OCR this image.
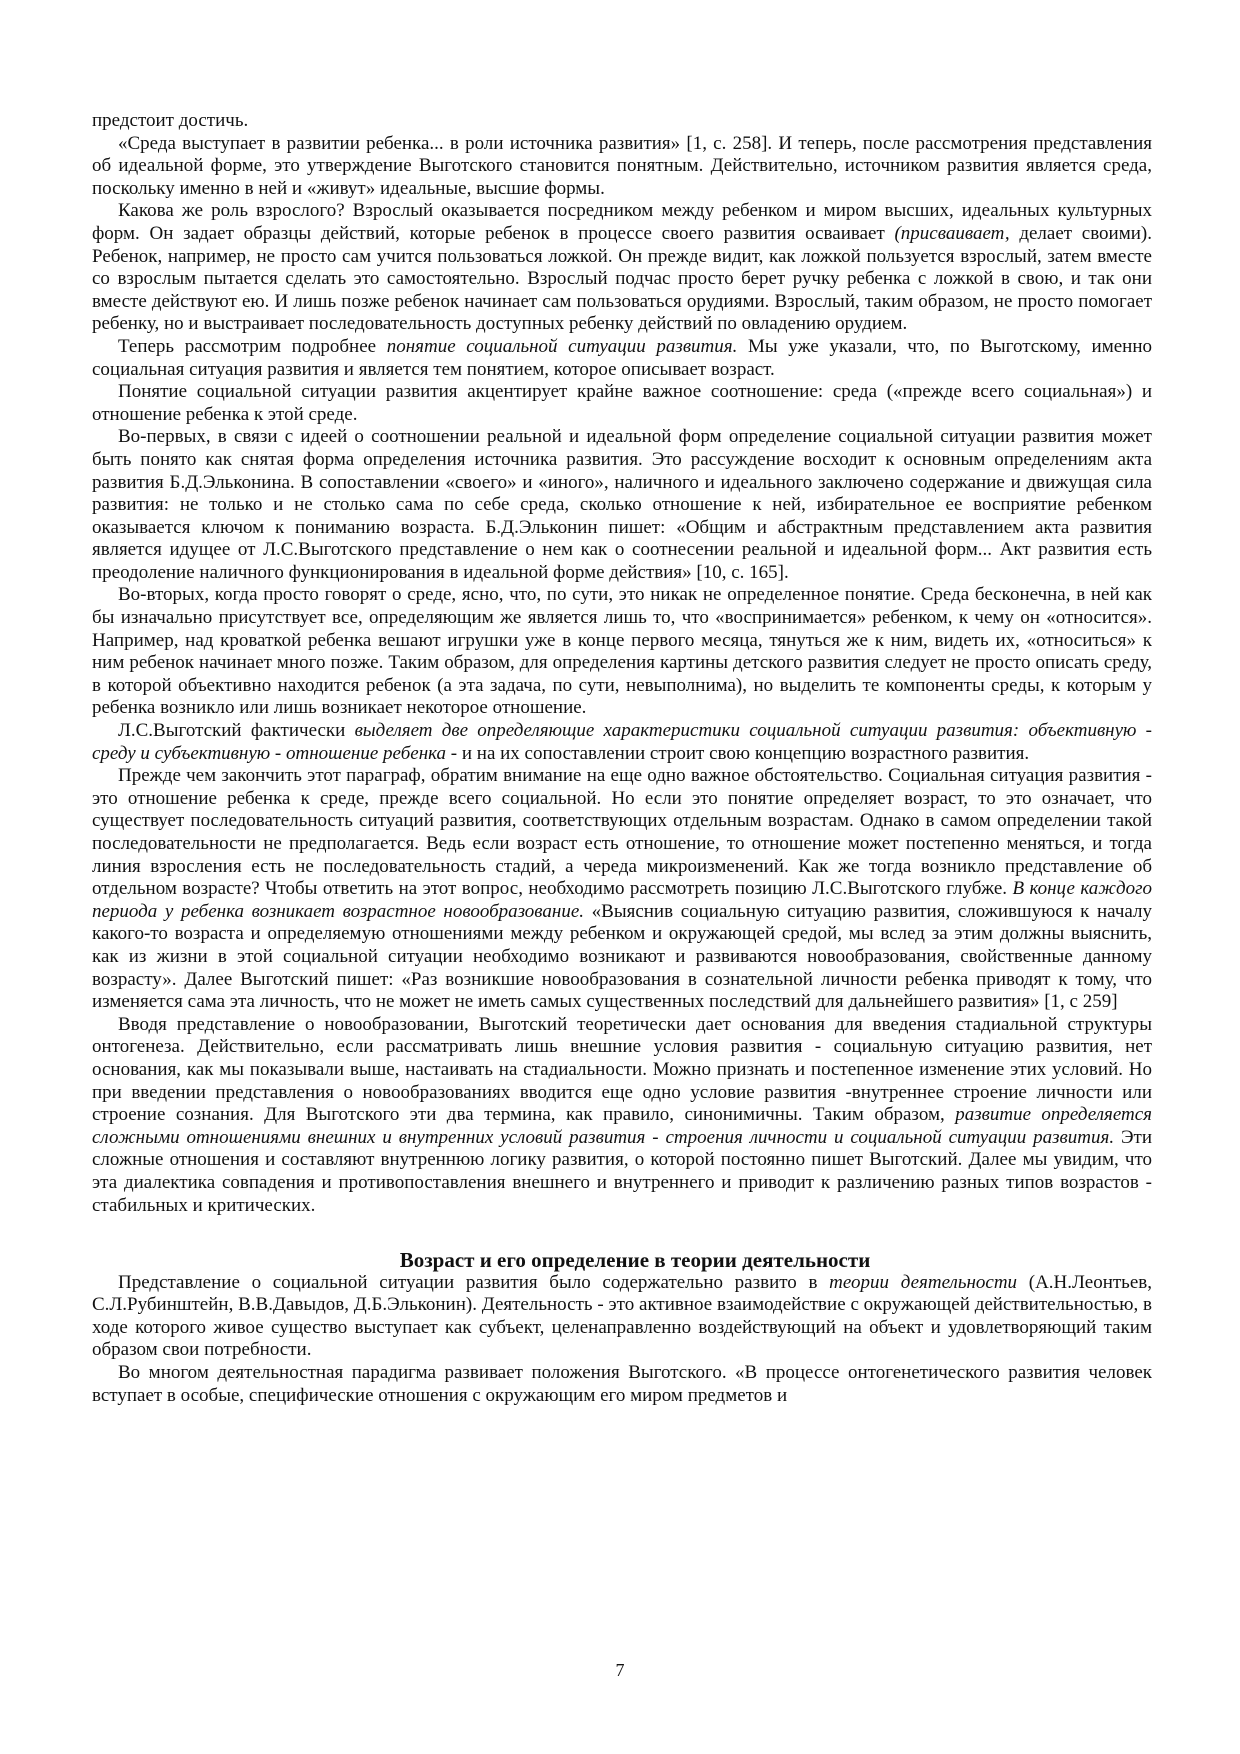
предстоит достичь.

«Среда выступает в развитии ребенка... в роли источника развития» [1, с. 258]. И теперь, после рассмотрения представления об идеальной форме, это утверждение Выготского становится понятным. Действительно, источником развития является среда, поскольку именно в ней и «живут» идеальные, высшие формы.

Какова же роль взрослого? Взрослый оказывается посредником между ребенком и миром высших, идеальных культурных форм. Он задает образцы действий, которые ребенок в процессе своего развития осваивает (присваивает, делает своими). Ребенок, например, не просто сам учится пользоваться ложкой. Он прежде видит, как ложкой пользуется взрослый, затем вместе со взрослым пытается сделать это самостоятельно. Взрослый подчас просто берет ручку ребенка с ложкой в свою, и так они вместе действуют ею. И лишь позже ребенок начинает сам пользоваться орудиями. Взрослый, таким образом, не просто помогает ребенку, но и выстраивает последовательность доступных ребенку действий по овладению орудием.

Теперь рассмотрим подробнее понятие социальной ситуации развития. Мы уже указали, что, по Выготскому, именно социальная ситуация развития и является тем понятием, которое описывает возраст.

Понятие социальной ситуации развития акцентирует крайне важное соотношение: среда («прежде всего социальная») и отношение ребенка к этой среде.

Во-первых, в связи с идеей о соотношении реальной и идеальной форм определение социальной ситуации развития может быть понято как снятая форма определения источника развития. Это рассуждение восходит к основным определениям акта развития Б.Д.Эльконина. В сопоставлении «своего» и «иного», наличного и идеального заключено содержание и движущая сила развития: не только и не столько сама по себе среда, сколько отношение к ней, избирательное ее восприятие ребенком оказывается ключом к пониманию возраста. Б.Д.Эльконин пишет: «Общим и абстрактным представлением акта развития является идущее от Л.С.Выготского представление о нем как о соотнесении реальной и идеальной форм... Акт развития есть преодоление наличного функционирования в идеальной форме действия» [10, с. 165].

Во-вторых, когда просто говорят о среде, ясно, что, по сути, это никак не определенное понятие. Среда бесконечна, в ней как бы изначально присутствует все, определяющим же является лишь то, что «воспринимается» ребенком, к чему он «относится». Например, над кроваткой ребенка вешают игрушки уже в конце первого месяца, тянуться же к ним, видеть их, «относиться» к ним ребенок начинает много позже. Таким образом, для определения картины детского развития следует не просто описать среду, в которой объективно находится ребенок (а эта задача, по сути, невыполнима), но выделить те компоненты среды, к которым у ребенка возникло или лишь возникает некоторое отношение.

Л.С.Выготский фактически выделяет две определяющие характеристики социальной ситуации развития: объективную - среду и субъективную - отношение ребенка - и на их сопоставлении строит свою концепцию возрастного развития.

Прежде чем закончить этот параграф, обратим внимание на еще одно важное обстоятельство. Социальная ситуация развития - это отношение ребенка к среде, прежде всего социальной. Но если это понятие определяет возраст, то это означает, что существует последовательность ситуаций развития, соответствующих отдельным возрастам. Однако в самом определении такой последовательности не предполагается. Ведь если возраст есть отношение, то отношение может постепенно меняться, и тогда линия взросления есть не последовательность стадий, а череда микроизменений. Как же тогда возникло представление об отдельном возрасте? Чтобы ответить на этот вопрос, необходимо рассмотреть позицию Л.С.Выготского глубже. В конце каждого периода у ребенка возникает возрастное новообразование. «Выяснив социальную ситуацию развития, сложившуюся к началу какого-то возраста и определяемую отношениями между ребенком и окружающей средой, мы вслед за этим должны выяснить, как из жизни в этой социальной ситуации необходимо возникают и развиваются новообразования, свойственные данному возрасту». Далее Выготский пишет: «Раз возникшие новообразования в сознательной личности ребенка приводят к тому, что изменяется сама эта личность, что не может не иметь самых существенных последствий для дальнейшего развития» [1, с 259]

Вводя представление о новообразовании, Выготский теоретически дает основания для введения стадиальной структуры онтогенеза. Действительно, если рассматривать лишь внешние условия развития - социальную ситуацию развития, нет основания, как мы показывали выше, настаивать на стадиальности. Можно признать и постепенное изменение этих условий. Но при введении представления о новообразованиях вводится еще одно условие развития -внутреннее строение личности или строение сознания. Для Выготского эти два термина, как правило, синонимичны. Таким образом, развитие определяется сложными отношениями внешних и внутренних условий развития - строения личности и социальной ситуации развития. Эти сложные отношения и составляют внутреннюю логику развития, о которой постоянно пишет Выготский. Далее мы увидим, что эта диалектика совпадения и противопоставления внешнего и внутреннего и приводит к различению разных типов возрастов - стабильных и критических.

Возраст и его определение в теории деятельности

Представление о социальной ситуации развития было содержательно развито в теории деятельности (А.Н.Леонтьев, С.Л.Рубинштейн, В.В.Давыдов, Д.Б.Эльконин). Деятельность - это активное взаимодействие с окружающей действительностью, в ходе которого живое существо выступает как субъект, целенаправленно воздействующий на объект и удовлетворяющий таким образом свои потребности.

Во многом деятельностная парадигма развивает положения Выготского. «В процессе онтогенетического развития человек вступает в особые, специфические отношения с окружающим его миром предметов и

7
